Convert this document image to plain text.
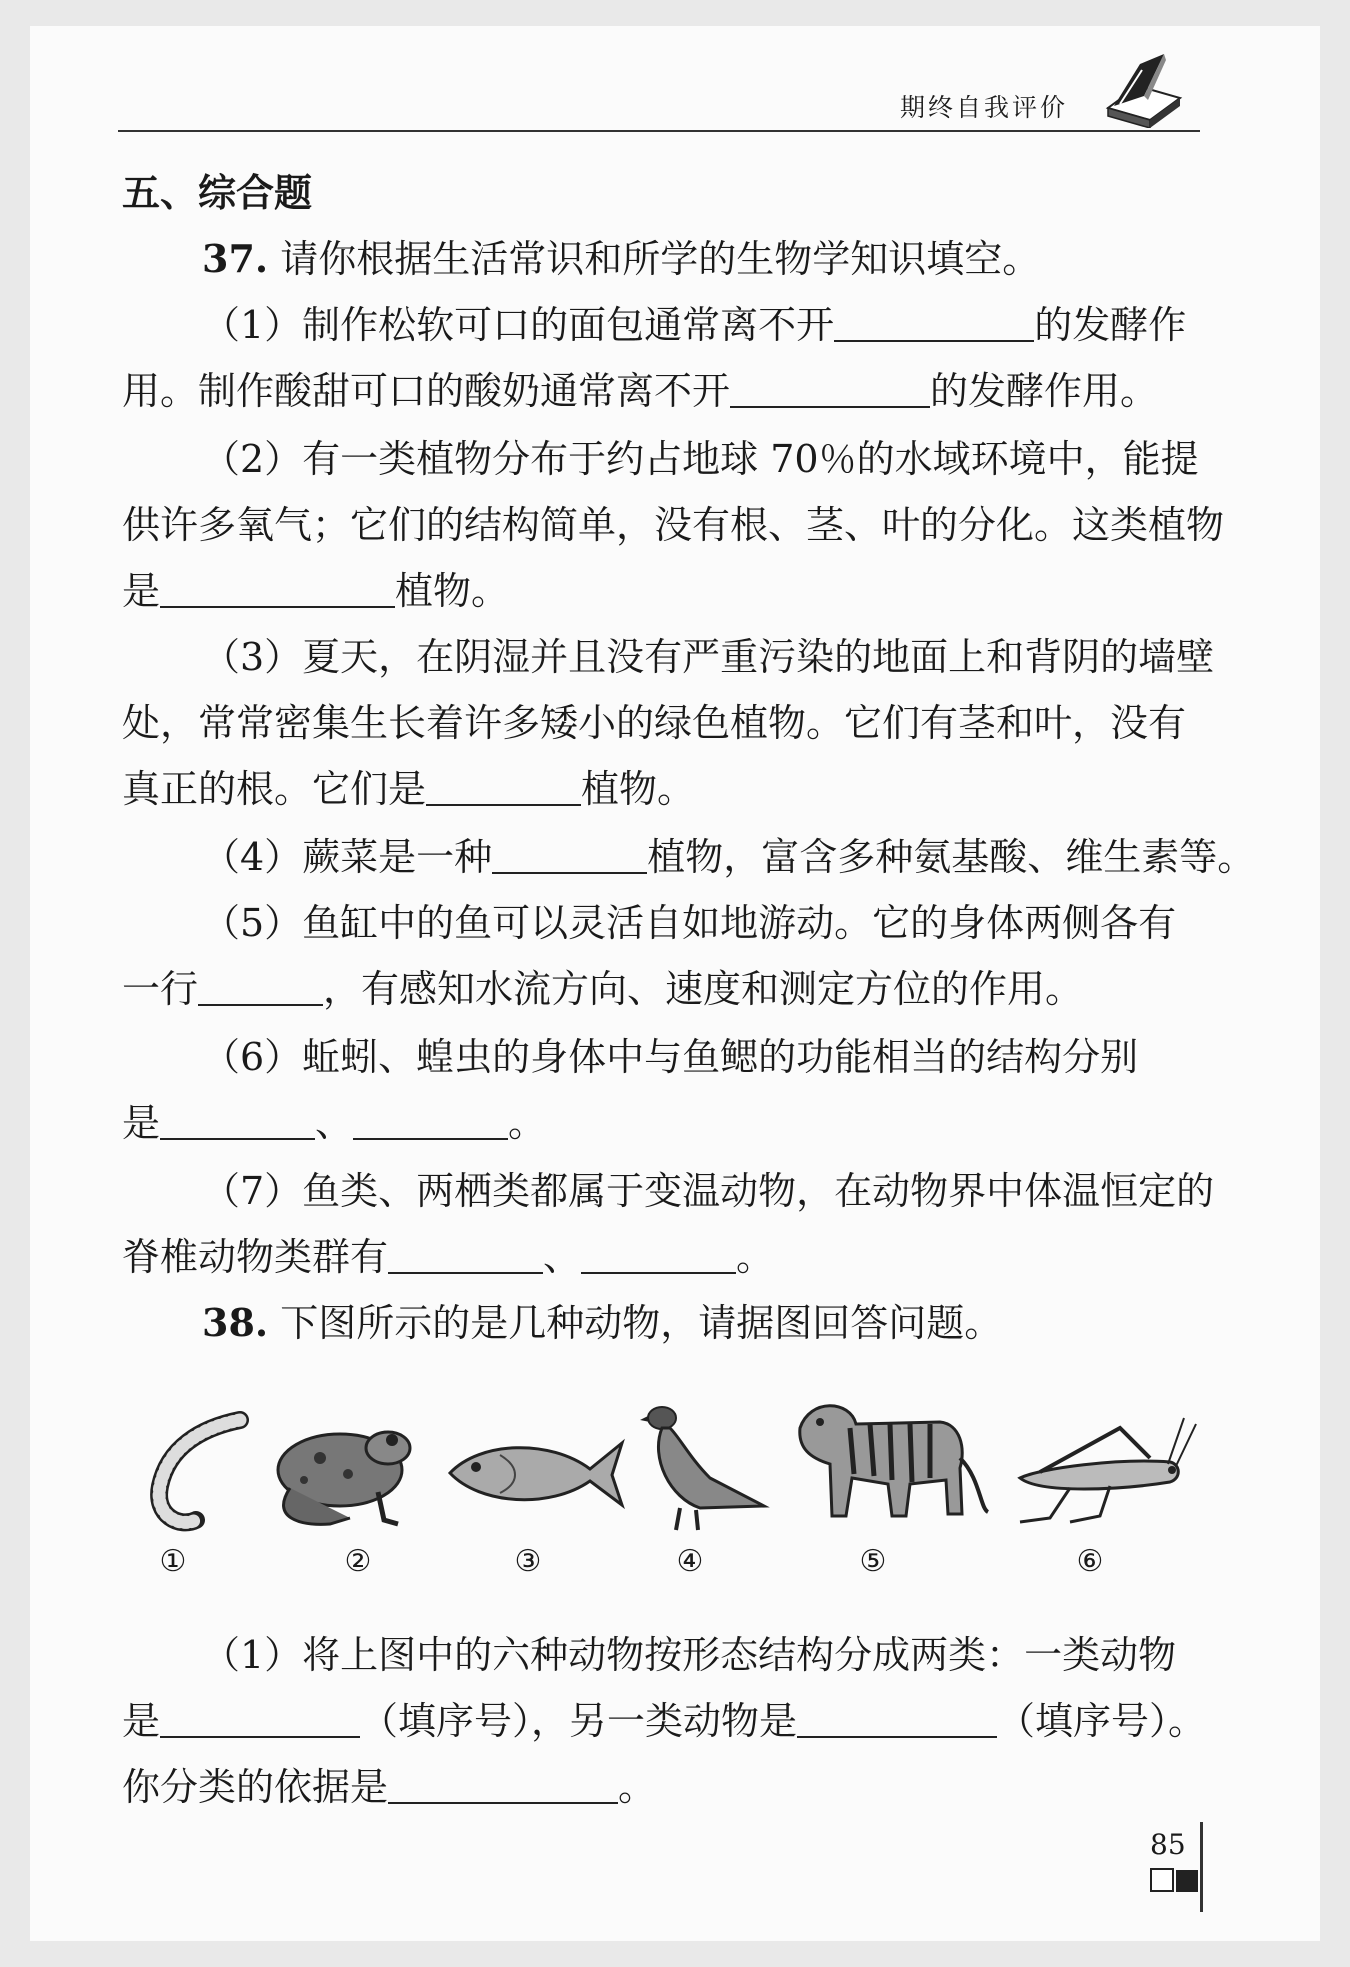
期终自我评价
五、综合题
37. 请你根据生活常识和所学的生物学知识填空。
（1）制作松软可口的面包通常离不开	的发酵作
用。制作酸甜可口的酸奶通常离不开	的发酵作用。
（2）有一类植物分布于约占地球 70％的水域环境中，能提
供许多氧气；它们的结构简单，没有根、茎、叶的分化。这类植物
是	植物。
（3）夏天，在阴湿并且没有严重污染的地面上和背阴的墙壁
处，常常密集生长着许多矮小的绿色植物。它们有茎和叶，没有
真正的根。它们是	植物。
（4）蕨菜是一种	植物，富含多种氨基酸、维生素等。
（5）鱼缸中的鱼可以灵活自如地游动。它的身体两侧各有
一行	，有感知水流方向、速度和测定方位的作用。
（6）蚯蚓、蝗虫的身体中与鱼鳃的功能相当的结构分别
是	、	。
（7）鱼类、两栖类都属于变温动物，在动物界中体温恒定的
脊椎动物类群有	、	。
38. 下图所示的是几种动物，请据图回答问题。
①	②	③	④	⑤	⑥
（1）将上图中的六种动物按形态结构分成两类：一类动物
是	（填序号），另一类动物是	（填序号）。
你分类的依据是	。
85
